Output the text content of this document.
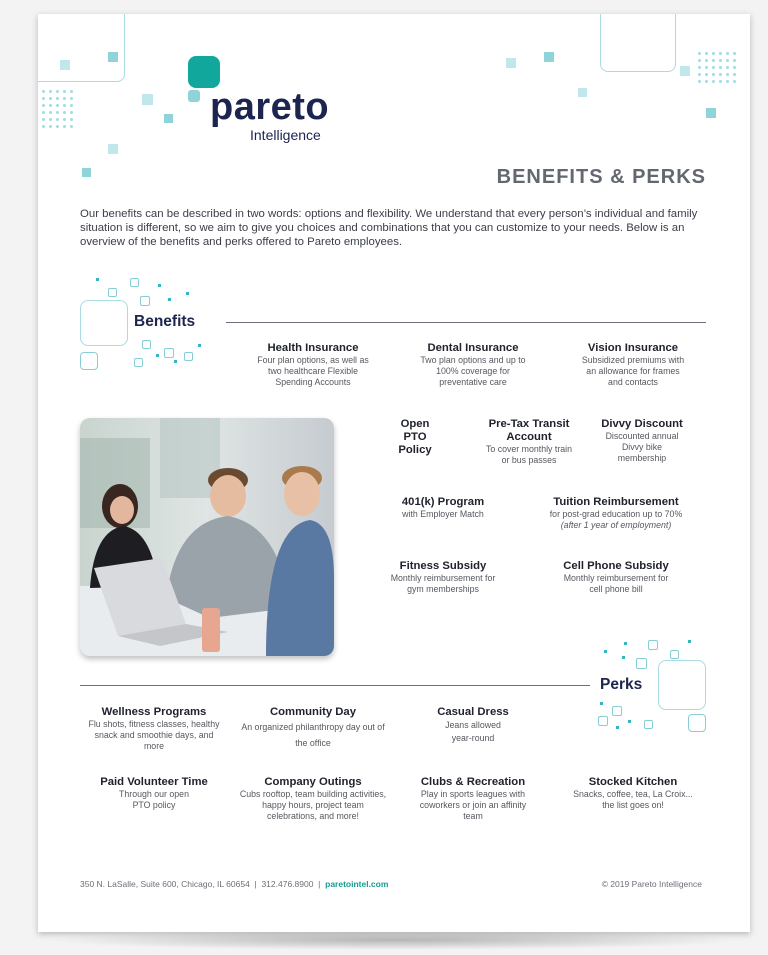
pareto
Intelligence
BENEFITS & PERKS
Our benefits can be described in two words: options and flexibility. We understand that every person’s individual and family situation is different, so we aim to give you choices and combinations that you can customize to your needs. Below is an overview of the benefits and perks offered to Pareto employees.
Benefits
Health Insurance
Four plan options, as well as two healthcare Flexible Spending Accounts
Dental Insurance
Two plan options and up to 100% coverage for preventative care
Vision Insurance
Subsidized premiums with an allowance for frames and contacts
Open PTO Policy
Pre-Tax Transit Account
To cover monthly train or bus passes
Divvy Discount
Discounted annual Divvy bike membership
401(k) Program
with Employer Match
Tuition Reimbursement
for post-grad education up to 70%
(after 1 year of employment)
Fitness Subsidy
Monthly reimbursement for gym memberships
Cell Phone Subsidy
Monthly reimbursement for cell phone bill
Perks
Wellness Programs
Flu shots, fitness classes, healthy snack and smoothie days, and more
Community Day
An organized philanthropy day out of the office
Casual Dress
Jeans allowed year-round
Paid Volunteer Time
Through our open PTO policy
Company Outings
Cubs rooftop, team building activities, happy hours, project team celebrations, and more!
Clubs & Recreation
Play in sports leagues with coworkers or join an affinity team
Stocked Kitchen
Snacks, coffee, tea, La Croix... the list goes on!
350 N. LaSalle, Suite 600, Chicago, IL 60654  |  312.476.8900  |  paretointel.com	© 2019 Pareto Intelligence
